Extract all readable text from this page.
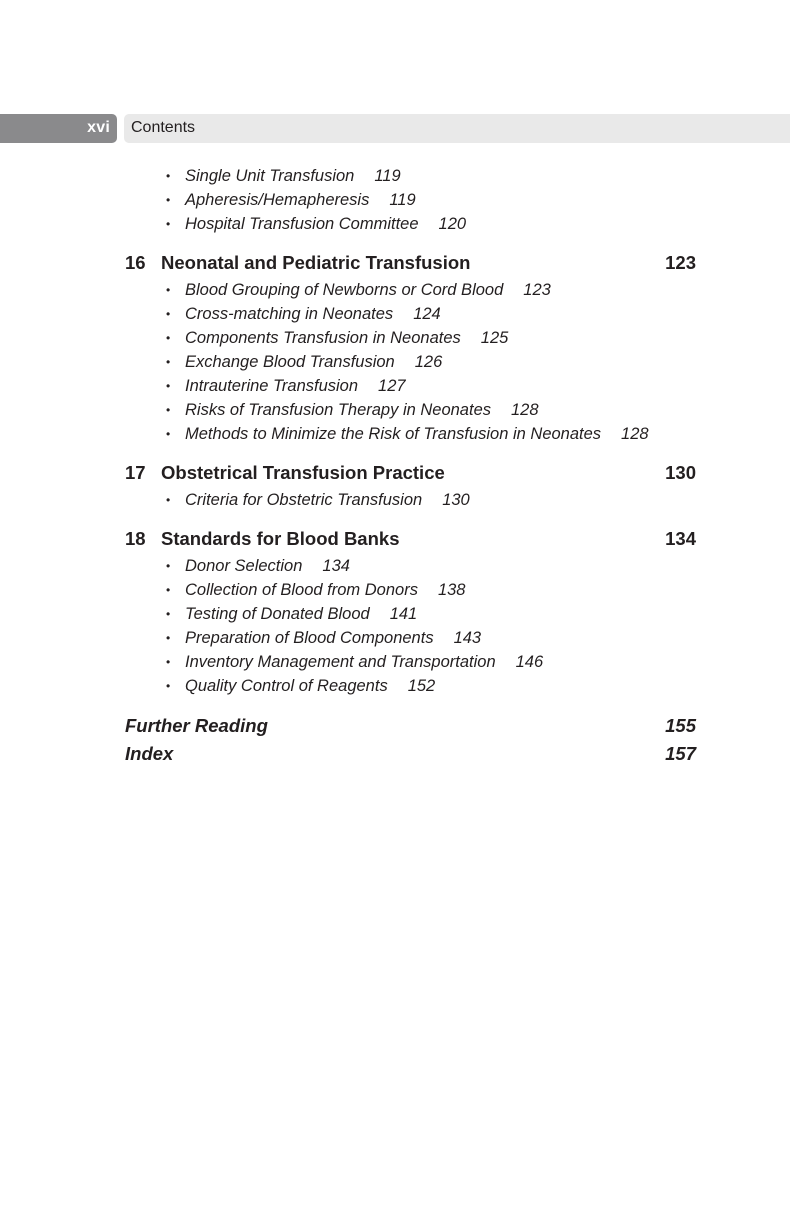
xvi Contents
• Single Unit Transfusion 119
• Apheresis/Hemapheresis 119
• Hospital Transfusion Committee 120
16 Neonatal and Pediatric Transfusion	123
• Blood Grouping of Newborns or Cord Blood 123
• Cross-matching in Neonates 124
• Components Transfusion in Neonates 125
• Exchange Blood Transfusion 126
• Intrauterine Transfusion 127
• Risks of Transfusion Therapy in Neonates 128
• Methods to Minimize the Risk of Transfusion in Neonates 128
17 Obstetrical Transfusion Practice	130
• Criteria for Obstetric Transfusion 130
18 Standards for Blood Banks	134
• Donor Selection 134
• Collection of Blood from Donors 138
• Testing of Donated Blood 141
• Preparation of Blood Components 143
• Inventory Management and Transportation 146
• Quality Control of Reagents 152
Further Reading	155
Index	157
